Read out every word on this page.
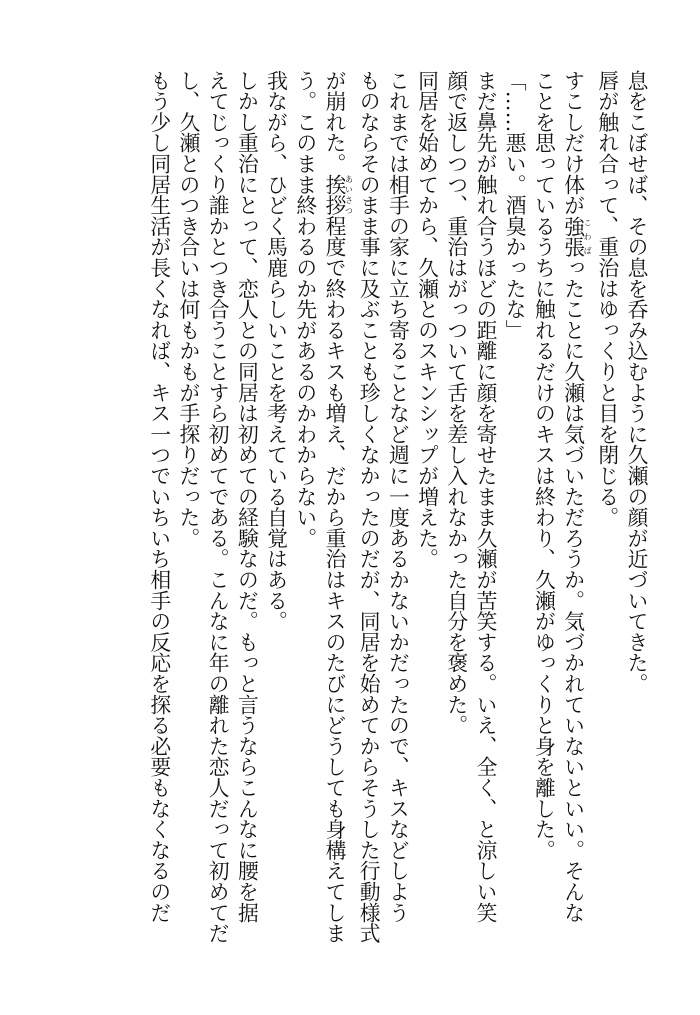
息をこぼせば、その息を呑み込むように久瀬の顔が近づいてきた。
唇が触れ合って、重治はゆっくりと目を閉じる。
すこしだけ体が強張こわばったことに久瀬は気づいただろうか。気づかれていないといい。そんな
ことを思っているうちに触れるだけのキスは終わり、久瀬がゆっくりと身を離した。
「……悪い。酒臭かったな」
まだ鼻先が触れ合うほどの距離に顔を寄せたまま久瀬が苦笑する。いえ、全く、と涼しい笑
顔で返しつつ、重治はがっついて舌を差し入れなかった自分を褒めた。
同居を始めてから、久瀬とのスキンシップが増えた。
これまでは相手の家に立ち寄ることなど週に一度あるかないかだったので、キスなどしよう
ものならそのまま事に及ぶことも珍しくなかったのだが、同居を始めてからそうした行動様式
が崩れた。挨拶あいさつ程度で終わるキスも増え、だから重治はキスのたびにどうしても身構えてしま
う。このまま終わるのか先があるのかわからない。
我ながら、ひどく馬鹿らしいことを考えている自覚はある。
しかし重治にとって、恋人との同居は初めての経験なのだ。もっと言うならこんなに腰を据
えてじっくり誰かとつき合うことすら初めてである。こんなに年の離れた恋人だって初めてだ
し、久瀬とのつき合いは何もかもが手探りだった。
もう少し同居生活が長くなれば、キス一つでいちいち相手の反応を探る必要もなくなるのだ
